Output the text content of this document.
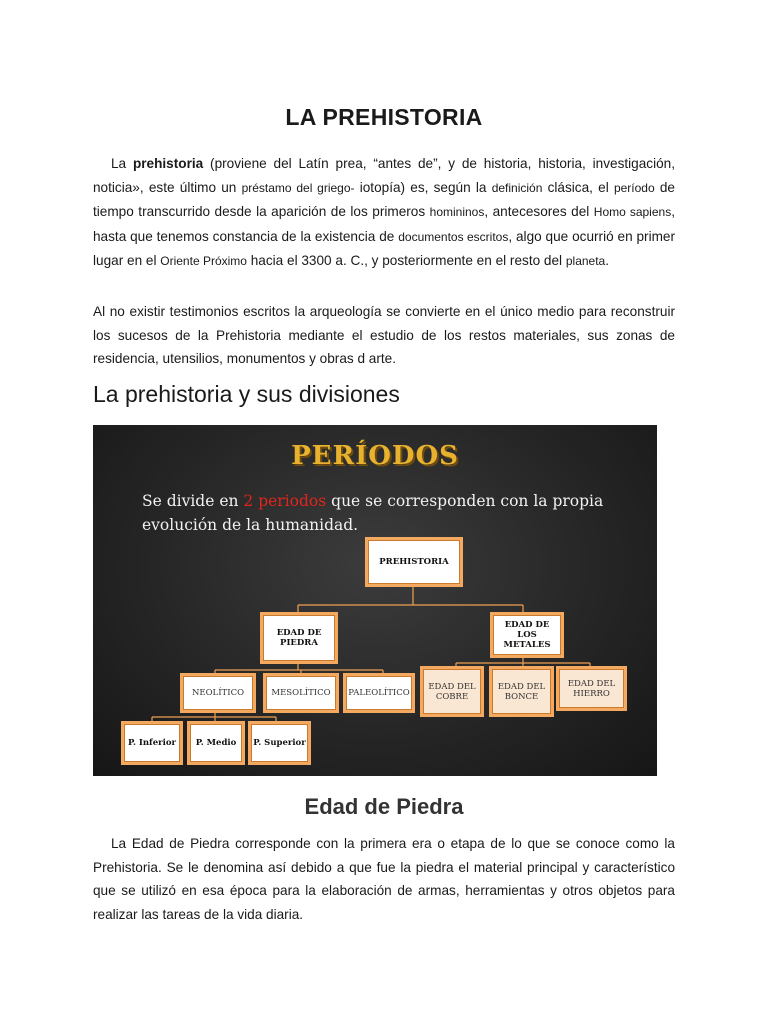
LA PREHISTORIA

La prehistoria (proviene del Latín prea, “antes de”, y de historia, historia, investigación, noticia», este último un préstamo del griego- iotopía) es, según la definición clásica, el período de tiempo transcurrido desde la aparición de los primeros homininos, antecesores del Homo sapiens, hasta que tenemos constancia de la existencia de documentos escritos, algo que ocurrió en primer lugar en el Oriente Próximo hacia el 3300 a. C., y posteriormente en el resto del planeta.

Al no existir testimonios escritos la arqueología se convierte en el único medio para reconstruir los sucesos de la Prehistoria mediante el estudio de los restos materiales, sus zonas de residencia, utensilios, monumentos y obras d arte.

La prehistoria y sus divisiones
PERÍODOS

Se divide en 2 periodos que se corresponden con la propia evolución de la humanidad.

PREHISTORIA
EDAD DE PIEDRA
EDAD DE LOS METALES
NEOLÍTICO	MESOLÍTICO	PALEOLÍTICO
EDAD DEL COBRE
EDAD DEL BONCE
EDAD DEL HIERRO
P. Inferior	P. Medio	P. Superior
Edad de Piedra

La Edad de Piedra corresponde con la primera era o etapa de lo que se conoce como la Prehistoria. Se le denomina así debido a que fue la piedra el material principal y característico que se utilizó en esa época para la elaboración de armas, herramientas y otros objetos para realizar las tareas de la vida diaria.
